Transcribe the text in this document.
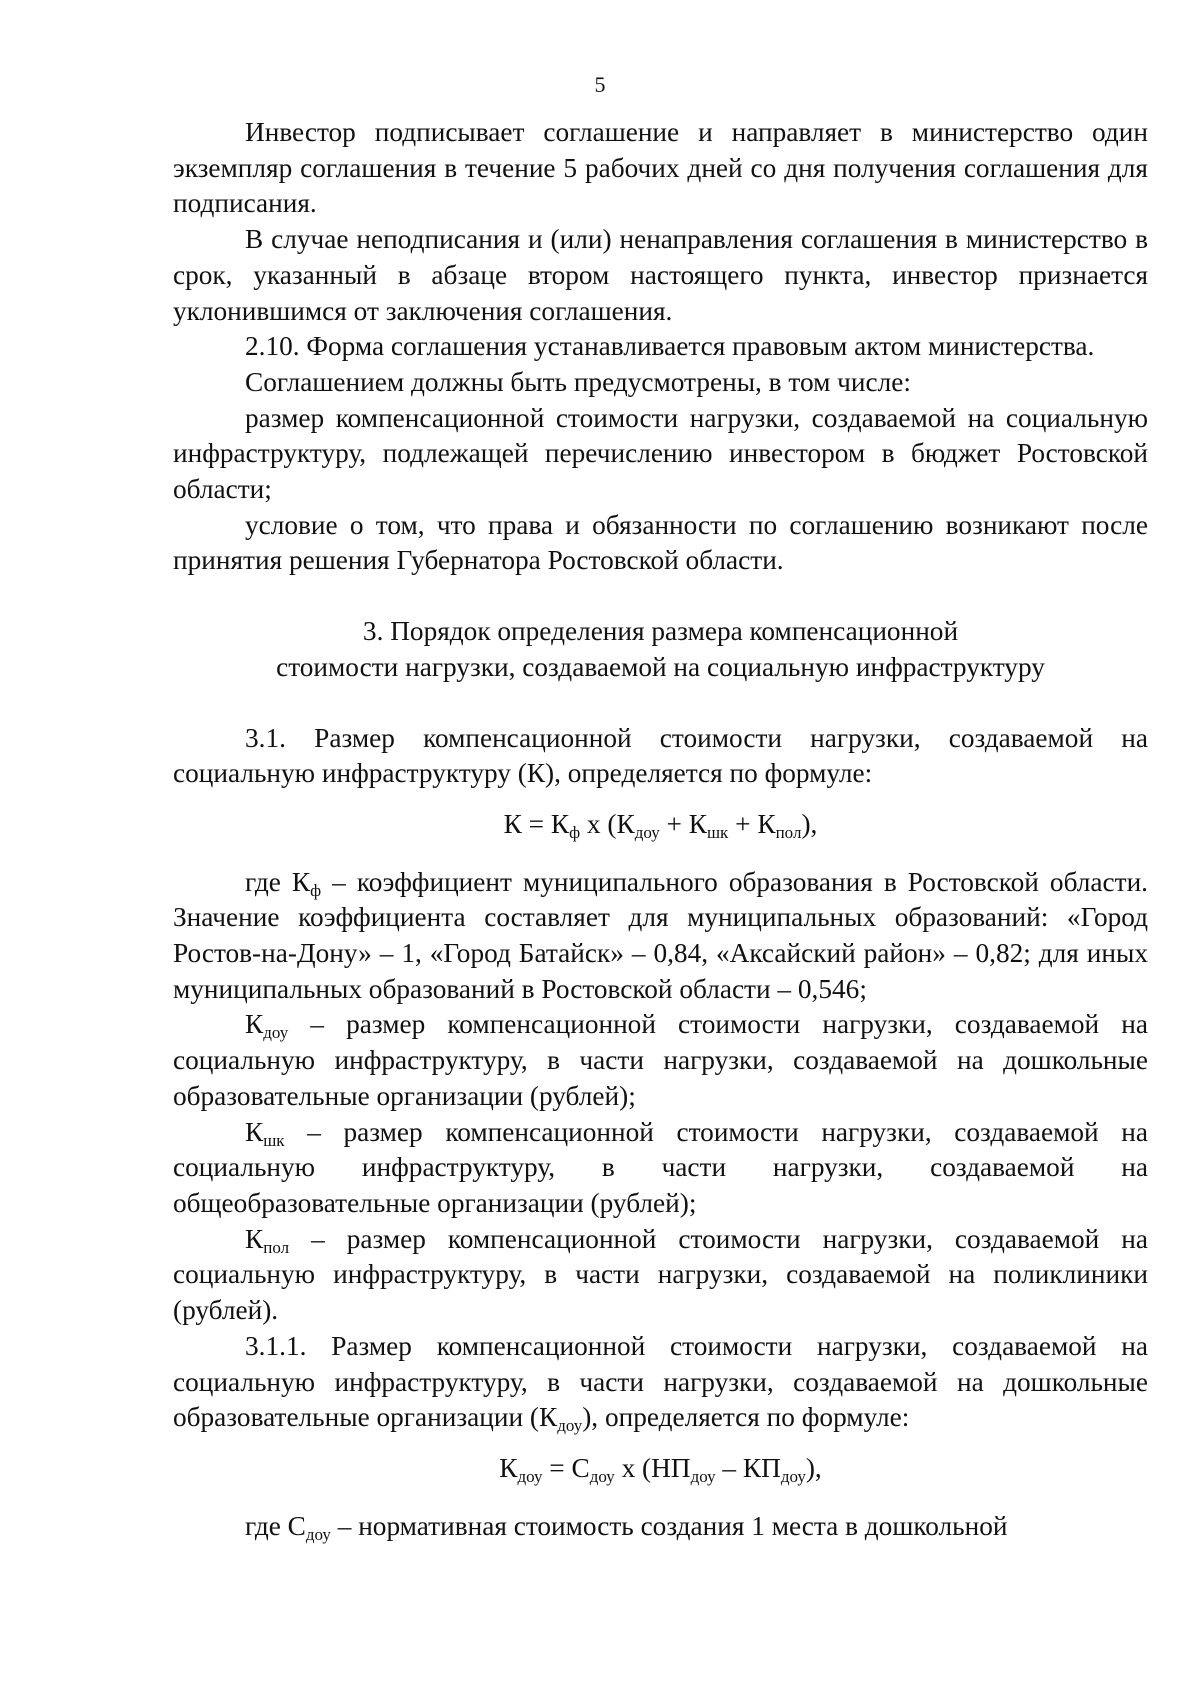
5

Инвестор подписывает соглашение и направляет в министерство один экземпляр соглашения в течение 5 рабочих дней со дня получения соглашения для подписания.

В случае неподписания и (или) ненаправления соглашения в министерство в срок, указанный в абзаце втором настоящего пункта, инвестор признается уклонившимся от заключения соглашения.

2.10. Форма соглашения устанавливается правовым актом министерства.

Соглашением должны быть предусмотрены, в том числе:

размер компенсационной стоимости нагрузки, создаваемой на социальную инфраструктуру, подлежащей перечислению инвестором в бюджет Ростовской области;

условие о том, что права и обязанности по соглашению возникают после принятия решения Губернатора Ростовской области.

3. Порядок определения размера компенсационной
стоимости нагрузки, создаваемой на социальную инфраструктуру

3.1. Размер компенсационной стоимости нагрузки, создаваемой на социальную инфраструктуру (К), определяется по формуле:

$К = К_ф$ х $(К_{доу} + К_{шк} + К_{пол})$,

где $К_ф$ – коэффициент муниципального образования в Ростовской области. Значение коэффициента составляет для муниципальных образований: «Город Ростов-на-Дону» – 1, «Город Батайск» – 0,84, «Аксайский район» – 0,82; для иных муниципальных образований в Ростовской области – 0,546;

$К_{доу}$ – размер компенсационной стоимости нагрузки, создаваемой на социальную инфраструктуру, в части нагрузки, создаваемой на дошкольные образовательные организации (рублей);

$К_{шк}$ – размер компенсационной стоимости нагрузки, создаваемой на социальную инфраструктуру, в части нагрузки, создаваемой на общеобразовательные организации (рублей);

$К_{пол}$ – размер компенсационной стоимости нагрузки, создаваемой на социальную инфраструктуру, в части нагрузки, создаваемой на поликлиники (рублей).

3.1.1. Размер компенсационной стоимости нагрузки, создаваемой на социальную инфраструктуру, в части нагрузки, создаваемой на дошкольные образовательные организации $(К_{доу})$, определяется по формуле:

$К_{доу} = С_{доу}$ х $(НП_{доу} - КП_{доу})$,

где $С_{доу}$ – нормативная стоимость создания 1 места в дошкольной
